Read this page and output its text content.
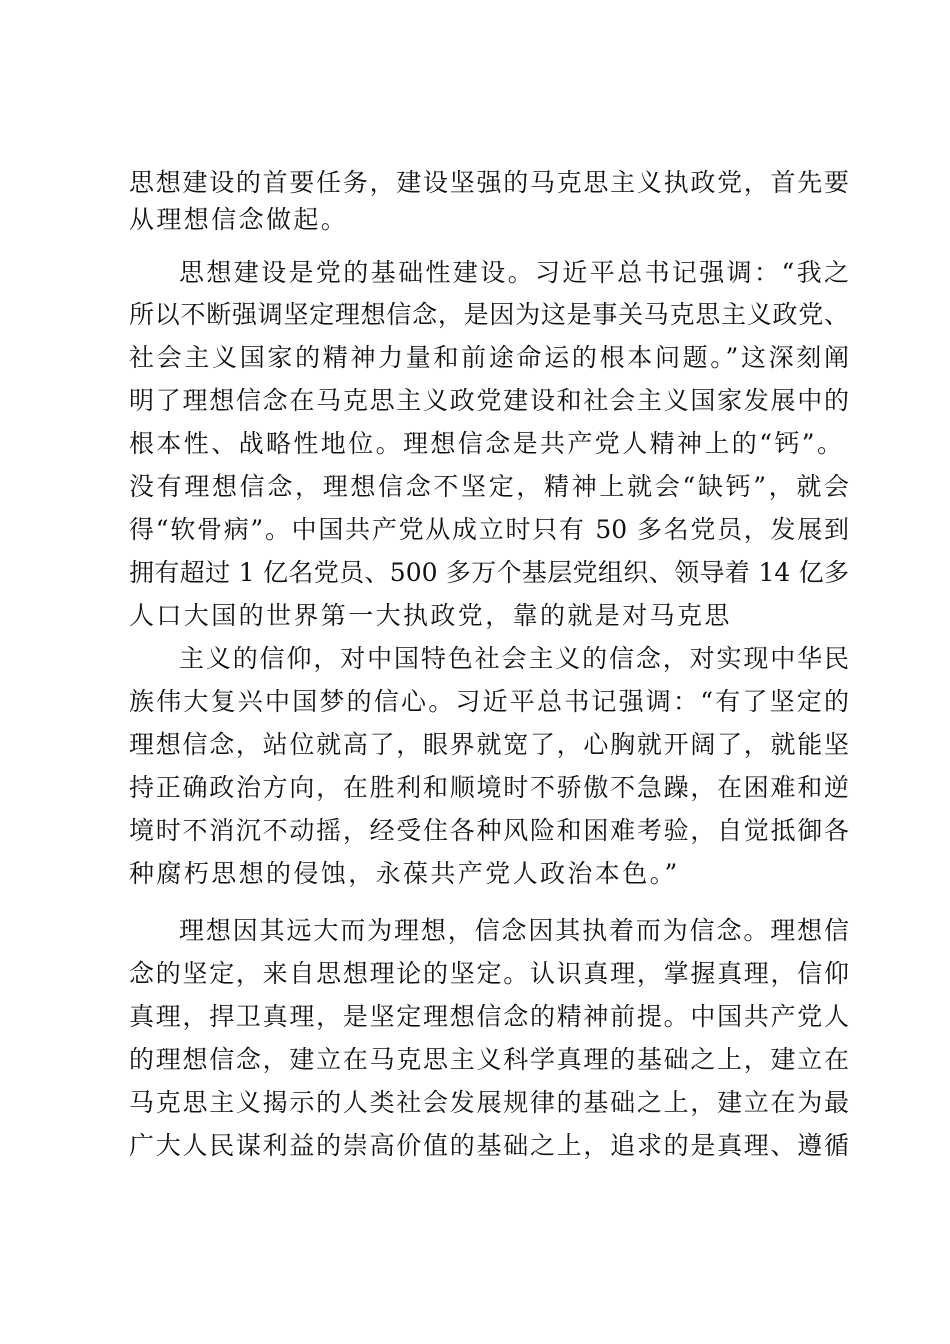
思想建设的首要任务，建设坚强的马克思主义执政党，首先要
从理想信念做起。
思想建设是党的基础性建设。习近平总书记强调：“我之
所以不断强调坚定理想信念，是因为这是事关马克思主义政党、
社会主义国家的精神力量和前途命运的根本问题。”这深刻阐
明了理想信念在马克思主义政党建设和社会主义国家发展中的
根本性、战略性地位。理想信念是共产党人精神上的“钙”。
没有理想信念，理想信念不坚定，精神上就会“缺钙”，就会
得“软骨病”。中国共产党从成立时只有 50 多名党员，发展到
拥有超过 1 亿名党员、500 多万个基层党组织、领导着 14 亿多
人口大国的世界第一大执政党，靠的就是对马克思
主义的信仰，对中国特色社会主义的信念，对实现中华民
族伟大复兴中国梦的信心。习近平总书记强调：“有了坚定的
理想信念，站位就高了，眼界就宽了，心胸就开阔了，就能坚
持正确政治方向，在胜利和顺境时不骄傲不急躁，在困难和逆
境时不消沉不动摇，经受住各种风险和困难考验，自觉抵御各
种腐朽思想的侵蚀，永葆共产党人政治本色。”
理想因其远大而为理想，信念因其执着而为信念。理想信
念的坚定，来自思想理论的坚定。认识真理，掌握真理，信仰
真理，捍卫真理，是坚定理想信念的精神前提。中国共产党人
的理想信念，建立在马克思主义科学真理的基础之上，建立在
马克思主义揭示的人类社会发展规律的基础之上，建立在为最
广大人民谋利益的崇高价值的基础之上，追求的是真理、遵循
